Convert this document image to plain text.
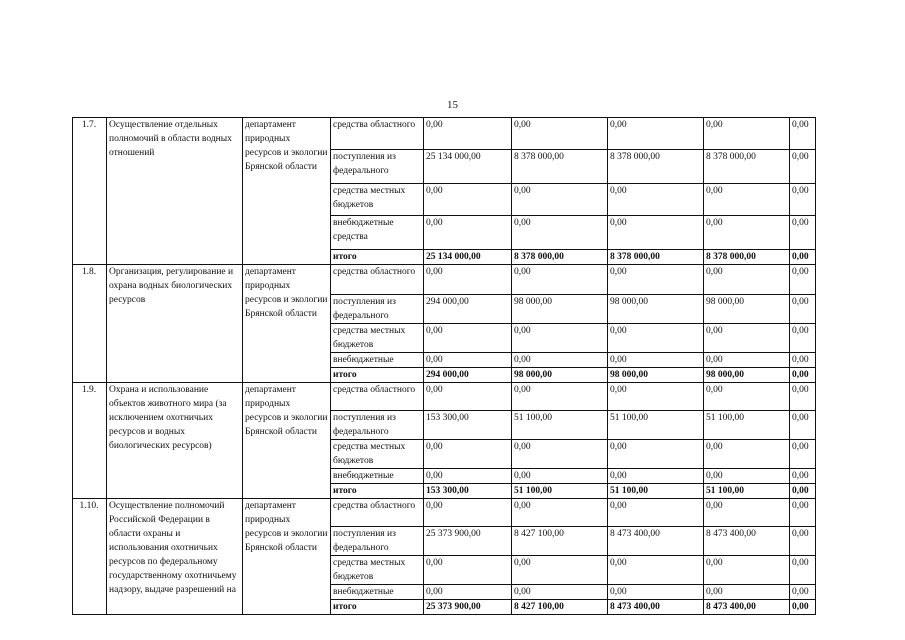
15
1.7.	Осуществление отдельных полномочий в области водных отношений	департамент природных ресурсов и экологии Брянской области	средства областного	0,00	0,00	0,00	0,00	0,00
			поступления из федерального	25 134 000,00	8 378 000,00	8 378 000,00	8 378 000,00	0,00
			средства местных бюджетов	0,00	0,00	0,00	0,00	0,00
			внебюджетные средства	0,00	0,00	0,00	0,00	0,00
			итого	25 134 000,00	8 378 000,00	8 378 000,00	8 378 000,00	0,00
1.8.	Организация, регулирование и охрана водных биологических ресурсов	департамент природных ресурсов и экологии Брянской области	средства областного	0,00	0,00	0,00	0,00	0,00
			поступления из федерального	294 000,00	98 000,00	98 000,00	98 000,00	0,00
			средства местных бюджетов	0,00	0,00	0,00	0,00	0,00
			внебюджетные	0,00	0,00	0,00	0,00	0,00
			итого	294 000,00	98 000,00	98 000,00	98 000,00	0,00
1.9.	Охрана и использование объектов животного мира (за исключением охотничьих ресурсов и водных биологических ресурсов)	департамент природных ресурсов и экологии Брянской области	средства областного	0,00	0,00	0,00	0,00	0,00
			поступления из федерального	153 300,00	51 100,00	51 100,00	51 100,00	0,00
			средства местных бюджетов	0,00	0,00	0,00	0,00	0,00
			внебюджетные	0,00	0,00	0,00	0,00	0,00
			итого	153 300,00	51 100,00	51 100,00	51 100,00	0,00
1.10.	Осуществление полномочий Российской Федерации в области охраны и использования охотничьих ресурсов по федеральному государственному охотничьему надзору, выдаче разрешений на	департамент природных ресурсов и экологии Брянской области	средства областного	0,00	0,00	0,00	0,00	0,00
			поступления из федерального	25 373 900,00	8 427 100,00	8 473 400,00	8 473 400,00	0,00
			средства местных бюджетов	0,00	0,00	0,00	0,00	0,00
			внебюджетные	0,00	0,00	0,00	0,00	0,00
			итого	25 373 900,00	8 427 100,00	8 473 400,00	8 473 400,00	0,00
